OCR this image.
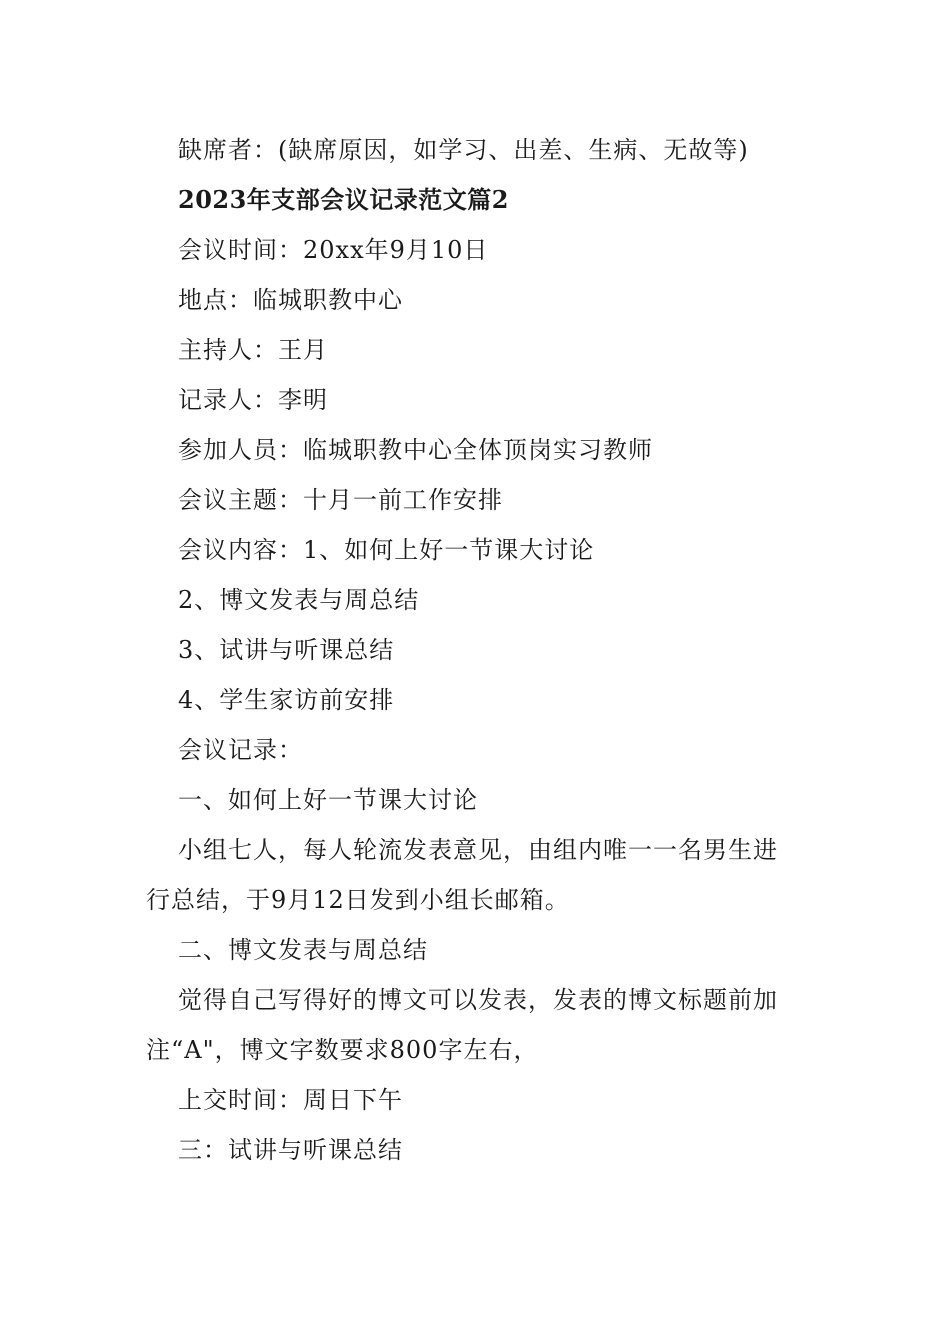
缺席者：(缺席原因，如学习、出差、生病、无故等)
2023年支部会议记录范文篇2
会议时间：20xx年9月10日
地点：临城职教中心
主持人：王月
记录人：李明
参加人员：临城职教中心全体顶岗实习教师
会议主题：十月一前工作安排
会议内容：1、如何上好一节课大讨论
2、博文发表与周总结
3、试讲与听课总结
4、学生家访前安排
会议记录：
一、如何上好一节课大讨论
小组七人，每人轮流发表意见，由组内唯一一名男生进
行总结，于9月12日发到小组长邮箱。
二、博文发表与周总结
觉得自己写得好的博文可以发表，发表的博文标题前加
注“A"，博文字数要求800字左右，
上交时间：周日下午
三：试讲与听课总结
